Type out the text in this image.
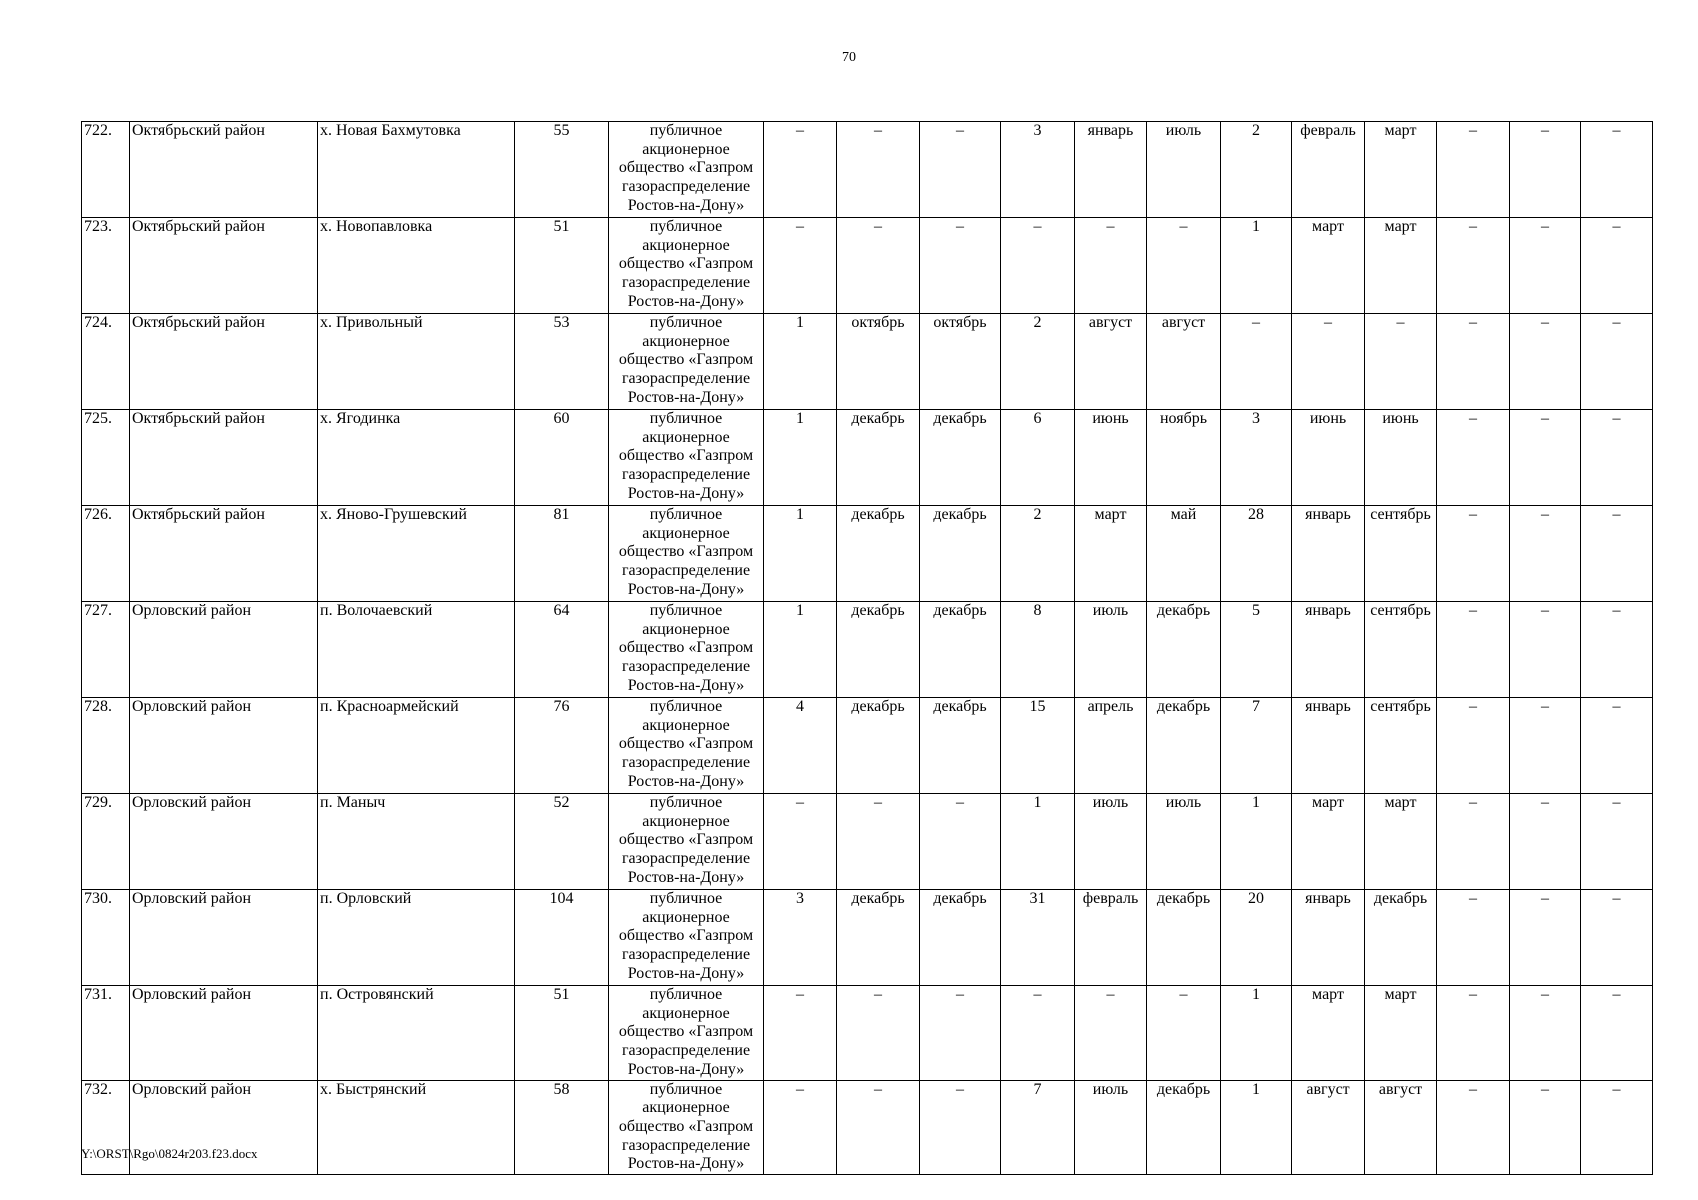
70
722.	Октябрьский район	х. Новая Бахмутовка	55	публичное
акционерное
общество «Газпром
газораспределение
Ростов-на-Дону»	–	–	–	3	январь	июль	2	февраль	март	–	–	–
723.	Октябрьский район	х. Новопавловка	51	публичное
акционерное
общество «Газпром
газораспределение
Ростов-на-Дону»	–	–	–	–	–	–	1	март	март	–	–	–
724.	Октябрьский район	х. Привольный	53	публичное
акционерное
общество «Газпром
газораспределение
Ростов-на-Дону»	1	октябрь	октябрь	2	август	август	–	–	–	–	–	–
725.	Октябрьский район	х. Ягодинка	60	публичное
акционерное
общество «Газпром
газораспределение
Ростов-на-Дону»	1	декабрь	декабрь	6	июнь	ноябрь	3	июнь	июнь	–	–	–
726.	Октябрьский район	х. Яново-Грушевский	81	публичное
акционерное
общество «Газпром
газораспределение
Ростов-на-Дону»	1	декабрь	декабрь	2	март	май	28	январь	сентябрь	–	–	–
727.	Орловский район	п. Волочаевский	64	публичное
акционерное
общество «Газпром
газораспределение
Ростов-на-Дону»	1	декабрь	декабрь	8	июль	декабрь	5	январь	сентябрь	–	–	–
728.	Орловский район	п. Красноармейский	76	публичное
акционерное
общество «Газпром
газораспределение
Ростов-на-Дону»	4	декабрь	декабрь	15	апрель	декабрь	7	январь	сентябрь	–	–	–
729.	Орловский район	п. Маныч	52	публичное
акционерное
общество «Газпром
газораспределение
Ростов-на-Дону»	–	–	–	1	июль	июль	1	март	март	–	–	–
730.	Орловский район	п. Орловский	104	публичное
акционерное
общество «Газпром
газораспределение
Ростов-на-Дону»	3	декабрь	декабрь	31	февраль	декабрь	20	январь	декабрь	–	–	–
731.	Орловский район	п. Островянский	51	публичное
акционерное
общество «Газпром
газораспределение
Ростов-на-Дону»	–	–	–	–	–	–	1	март	март	–	–	–
732.	Орловский район	х. Быстрянский	58	публичное
акционерное
общество «Газпром
газораспределение
Ростов-на-Дону»	–	–	–	7	июль	декабрь	1	август	август	–	–	–
Y:\ORST\Rgo\0824r203.f23.docx
